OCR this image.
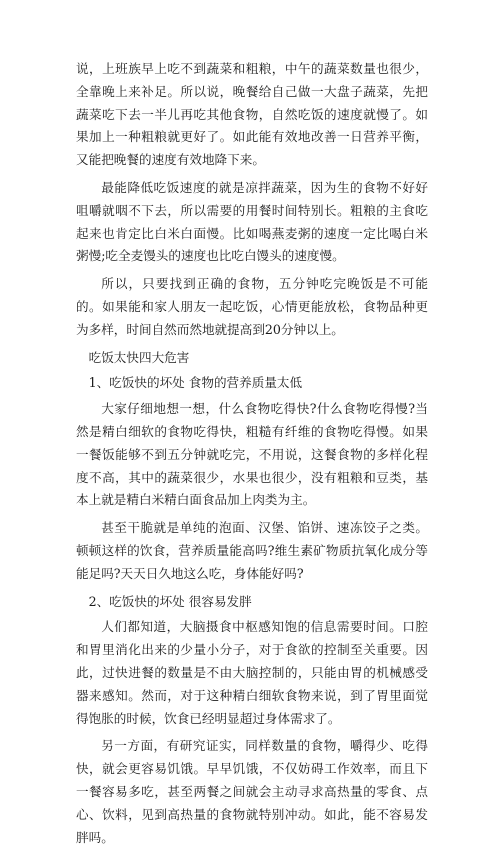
说，上班族早上吃不到蔬菜和粗粮，中午的蔬菜数量也很少，全靠晚上来补足。所以说，晚餐给自己做一大盘子蔬菜，先把蔬菜吃下去一半儿再吃其他食物，自然吃饭的速度就慢了。如果加上一种粗粮就更好了。如此能有效地改善一日营养平衡，又能把晚餐的速度有效地降下来。

最能降低吃饭速度的就是凉拌蔬菜，因为生的食物不好好咀嚼就咽不下去，所以需要的用餐时间特别长。粗粮的主食吃起来也肯定比白米白面慢。比如喝燕麦粥的速度一定比喝白米粥慢;吃全麦馒头的速度也比吃白馒头的速度慢。

所以，只要找到正确的食物，五分钟吃完晚饭是不可能的。如果能和家人朋友一起吃饭，心情更能放松，食物品种更为多样，时间自然而然地就提高到20分钟以上。

吃饭太快四大危害

1、吃饭快的坏处 食物的营养质量太低

大家仔细地想一想，什么食物吃得快?什么食物吃得慢?当然是精白细软的食物吃得快，粗糙有纤维的食物吃得慢。如果一餐饭能够不到五分钟就吃完，不用说，这餐食物的多样化程度不高，其中的蔬菜很少，水果也很少，没有粗粮和豆类，基本上就是精白米精白面食品加上肉类为主。

甚至干脆就是单纯的泡面、汉堡、馅饼、速冻饺子之类。顿顿这样的饮食，营养质量能高吗?维生素矿物质抗氧化成分等能足吗?天天日久地这么吃，身体能好吗?

2、吃饭快的坏处 很容易发胖

人们都知道，大脑摄食中枢感知饱的信息需要时间。口腔和胃里消化出来的少量小分子，对于食欲的控制至关重要。因此，过快进餐的数量是不由大脑控制的，只能由胃的机械感受器来感知。然而，对于这种精白细软食物来说，到了胃里面觉得饱胀的时候，饮食已经明显超过身体需求了。

另一方面，有研究证实，同样数量的食物，嚼得少、吃得快，就会更容易饥饿。早早饥饿，不仅妨碍工作效率，而且下一餐容易多吃，甚至两餐之间就会主动寻求高热量的零食、点心、饮料，见到高热量的食物就特别冲动。如此，能不容易发胖吗。
